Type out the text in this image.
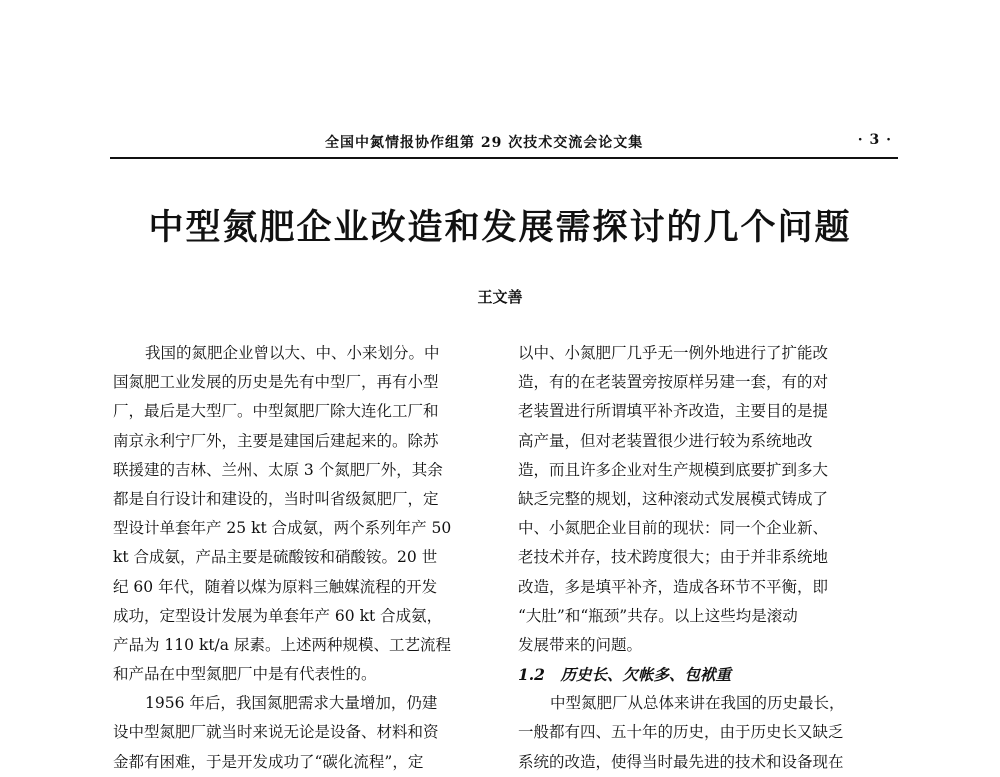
全国中氮情报协作组第 29 次技术交流会论文集	· 3 ·
中型氮肥企业改造和发展需探讨的几个问题
王文善
我国的氮肥企业曾以大、中、小来划分。中
国氮肥工业发展的历史是先有中型厂，再有小型
厂，最后是大型厂。中型氮肥厂除大连化工厂和
南京永利宁厂外，主要是建国后建起来的。除苏
联援建的吉林、兰州、太原 3 个氮肥厂外，其余
都是自行设计和建设的，当时叫省级氮肥厂，定
型设计单套年产 25 kt 合成氨，两个系列年产 50
kt 合成氨，产品主要是硫酸铵和硝酸铵。20 世
纪 60 年代，随着以煤为原料三触媒流程的开发
成功，定型设计发展为单套年产 60 kt 合成氨，
产品为 110 kt/a 尿素。上述两种规模、工艺流程
和产品在中型氮肥厂中是有代表性的。
1956 年后，我国氮肥需求大量增加，仍建
设中型氮肥厂就当时来说无论是设备、材料和资
金都有困难，于是开发成功了“碳化流程”，定
以中、小氮肥厂几乎无一例外地进行了扩能改
造，有的在老装置旁按原样另建一套，有的对
老装置进行所谓填平补齐改造，主要目的是提
高产量，但对老装置很少进行较为系统地改
造，而且许多企业对生产规模到底要扩到多大
缺乏完整的规划，这种滚动式发展模式铸成了
中、小氮肥企业目前的现状：同一个企业新、
老技术并存，技术跨度很大；由于并非系统地
改造，多是填平补齐，造成各环节不平衡，即
“大肚”和“瓶颈”共存。以上这些均是滚动
发展带来的问题。
1.2　历史长、欠帐多、包袱重
中型氮肥厂从总体来讲在我国的历史最长，
一般都有四、五十年的历史，由于历史长又缺乏
系统的改造，使得当时最先进的技术和设备现在
